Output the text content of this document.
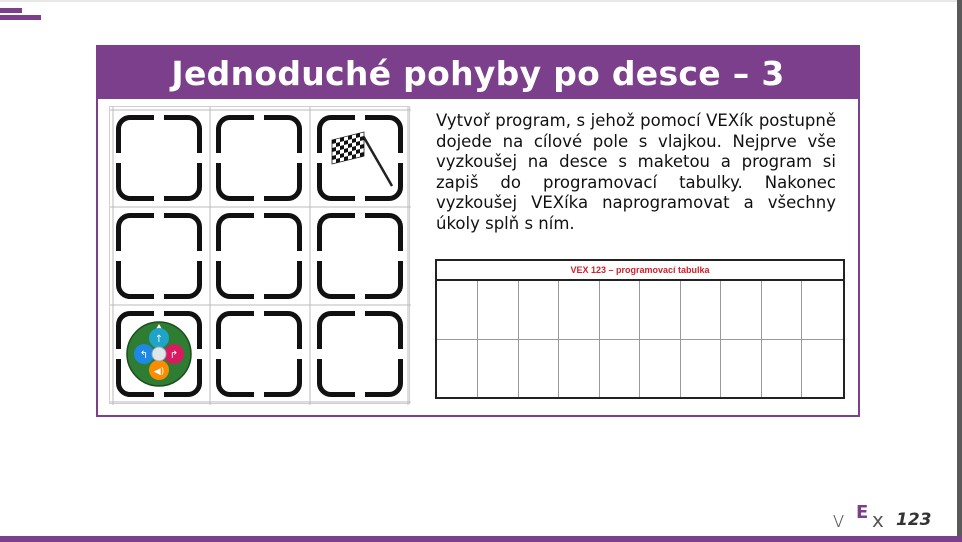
Jednoduché pohyby po desce – 3
↑
↰ ↱
◀)
Vytvoř program, s jehož pomocí VEXík postupně dojede na cílové pole s vlajkou. Nejprve vše vyzkoušej na desce s maketou a program si zapiš do programovací tabulky. Nakonec vyzkoušej VEXíka naprogramovat a všechny úkoly splň s ním.
VEX 123 – programovací tabulka
v E x 123
